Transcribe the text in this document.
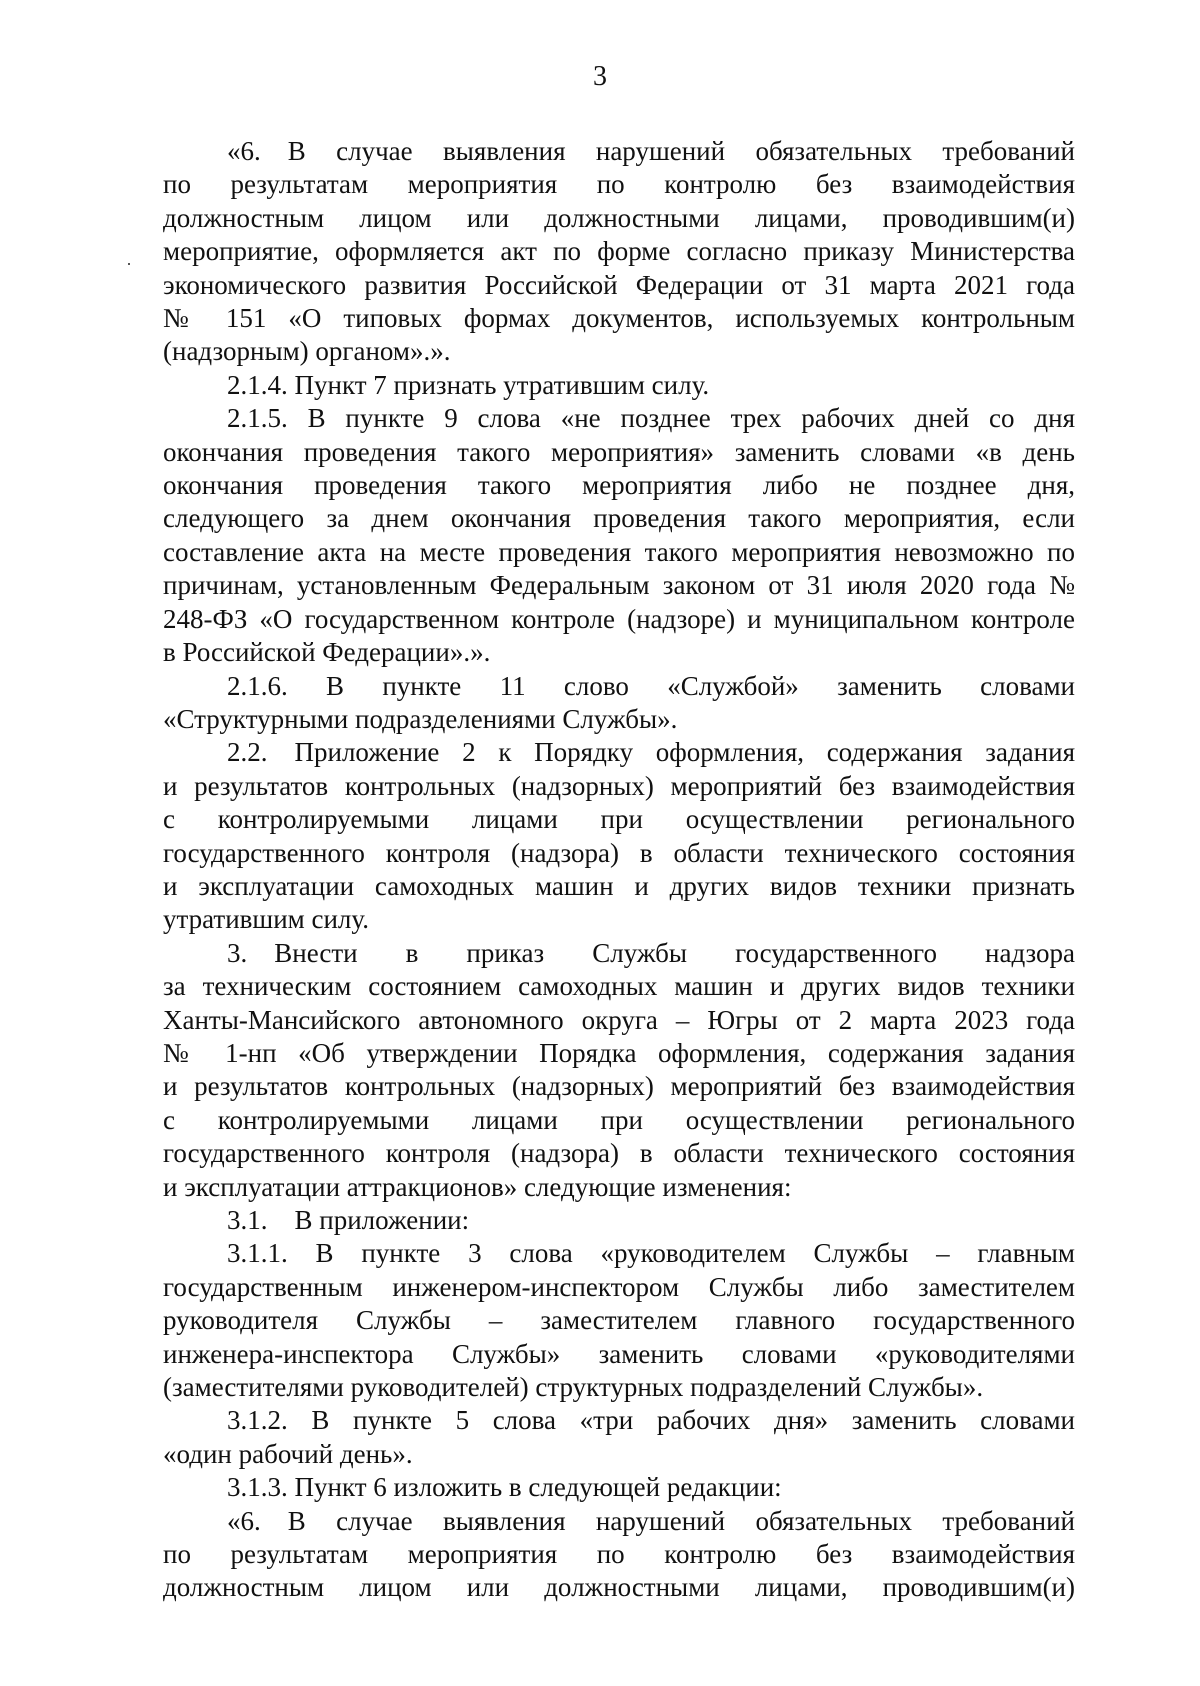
3
«6. В случае выявления нарушений обязательных требований
по результатам мероприятия по контролю без взаимодействия
должностным лицом или должностными лицами, проводившим(и)
мероприятие, оформляется акт по форме согласно приказу Министерства
экономического развития Российской Федерации от 31 марта 2021 года
№ 151 «О типовых формах документов, используемых контрольным
(надзорным) органом».».
2.1.4. Пункт 7 признать утратившим силу.
2.1.5. В пункте 9 слова «не позднее трех рабочих дней со дня
окончания проведения такого мероприятия» заменить словами «в день
окончания проведения такого мероприятия либо не позднее дня,
следующего за днем окончания проведения такого мероприятия, если
составление акта на месте проведения такого мероприятия невозможно по
причинам, установленным Федеральным законом от 31 июля 2020 года №
248-ФЗ «О государственном контроле (надзоре) и муниципальном контроле
в Российской Федерации».».
2.1.6. В пункте 11 слово «Службой» заменить словами
«Структурными подразделениями Службы».
2.2. Приложение 2 к Порядку оформления, содержания задания
и результатов контрольных (надзорных) мероприятий без взаимодействия
с контролируемыми лицами при осуществлении регионального
государственного контроля (надзора) в области технического состояния
и эксплуатации самоходных машин и других видов техники признать
утратившим силу.
3. Внести в приказ Службы государственного надзора
за техническим состоянием самоходных машин и других видов техники
Ханты-Мансийского автономного округа – Югры от 2 марта 2023 года
№ 1-нп «Об утверждении Порядка оформления, содержания задания
и результатов контрольных (надзорных) мероприятий без взаимодействия
с контролируемыми лицами при осуществлении регионального
государственного контроля (надзора) в области технического состояния
и эксплуатации аттракционов» следующие изменения:
3.1. В приложении:
3.1.1. В пункте 3 слова «руководителем Службы – главным
государственным инженером-инспектором Службы либо заместителем
руководителя Службы – заместителем главного государственного
инженера-инспектора Службы» заменить словами «руководителями
(заместителями руководителей) структурных подразделений Службы».
3.1.2. В пункте 5 слова «три рабочих дня» заменить словами
«один рабочий день».
3.1.3. Пункт 6 изложить в следующей редакции:
«6. В случае выявления нарушений обязательных требований
по результатам мероприятия по контролю без взаимодействия
должностным лицом или должностными лицами, проводившим(и)
